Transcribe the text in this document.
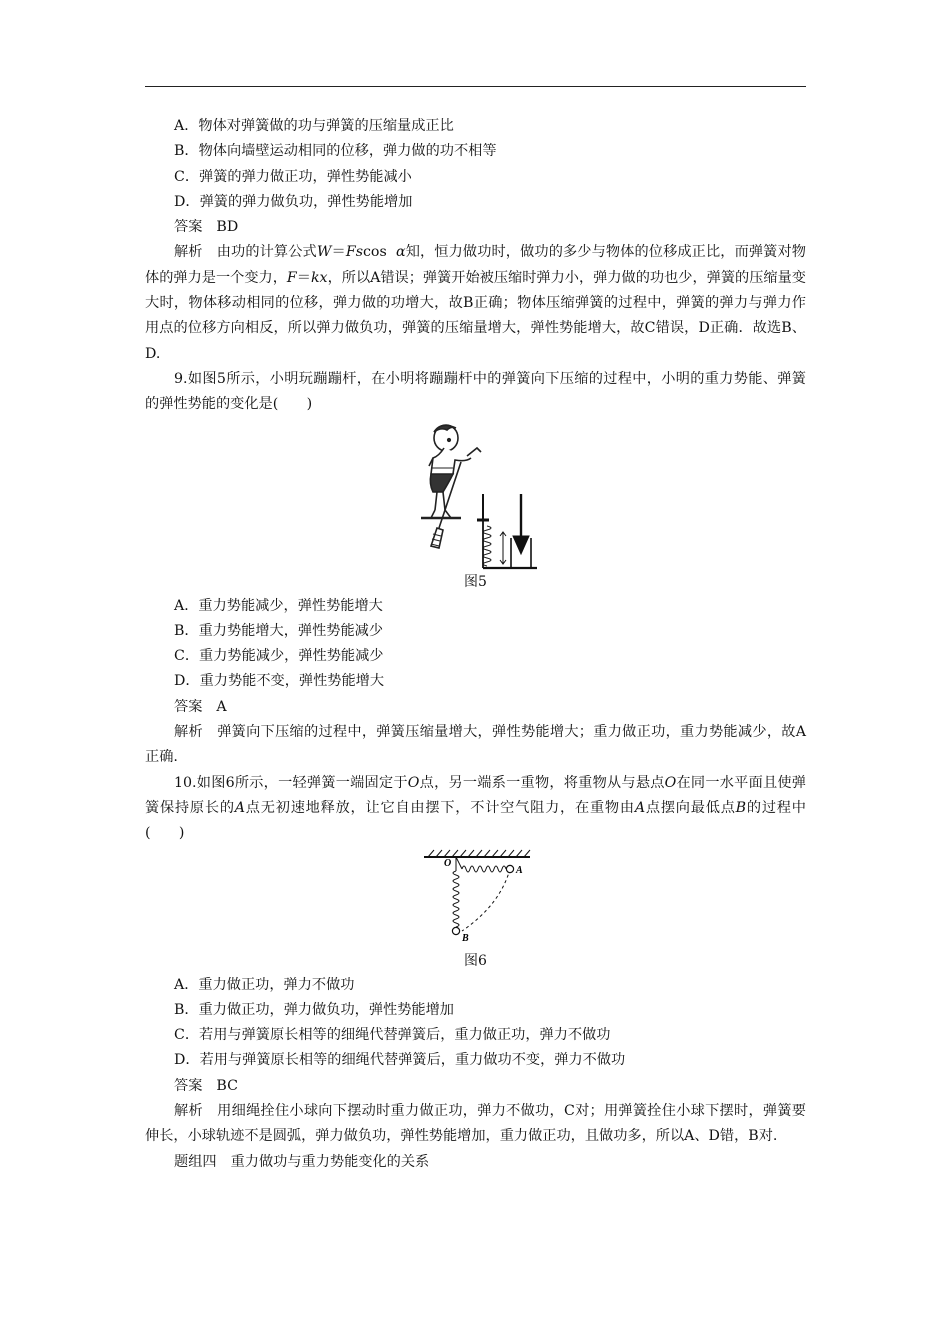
A．物体对弹簧做的功与弹簧的压缩量成正比

B．物体向墙壁运动相同的位移，弹力做的功不相等

C．弹簧的弹力做正功，弹性势能减小

D．弹簧的弹力做负功，弹性势能增加

答案 BD

解析 由功的计算公式W＝Fscos α知，恒力做功时，做功的多少与物体的位移成正比，而弹簧对物体的弹力是一个变力，F＝kx，所以A错误；弹簧开始被压缩时弹力小，弹力做的功也少，弹簧的压缩量变大时，物体移动相同的位移，弹力做的功增大，故B正确；物体压缩弹簧的过程中，弹簧的弹力与弹力作用点的位移方向相反，所以弹力做负功，弹簧的压缩量增大，弹性势能增大，故C错误，D正确．故选B、D.

9.如图5所示，小明玩蹦蹦杆，在小明将蹦蹦杆中的弹簧向下压缩的过程中，小明的重力势能、弹簧的弹性势能的变化是(　　)

图5

A．重力势能减少，弹性势能增大

B．重力势能增大，弹性势能减少

C．重力势能减少，弹性势能减少

D．重力势能不变，弹性势能增大

答案 A

解析 弹簧向下压缩的过程中，弹簧压缩量增大，弹性势能增大；重力做正功，重力势能减少，故A正确.

10.如图6所示，一轻弹簧一端固定于O点，另一端系一重物，将重物从与悬点O在同一水平面且使弹簧保持原长的A点无初速地释放，让它自由摆下，不计空气阻力，在重物由A点摆向最低点B的过程中(　　)

O
A
B

图6

A．重力做正功，弹力不做功

B．重力做正功，弹力做负功，弹性势能增加

C．若用与弹簧原长相等的细绳代替弹簧后，重力做正功，弹力不做功

D．若用与弹簧原长相等的细绳代替弹簧后，重力做功不变，弹力不做功

答案 BC

解析 用细绳拴住小球向下摆动时重力做正功，弹力不做功，C对；用弹簧拴住小球下摆时，弹簧要伸长，小球轨迹不是圆弧，弹力做负功，弹性势能增加，重力做正功，且做功多，所以A、D错，B对.

题组四 重力做功与重力势能变化的关系
